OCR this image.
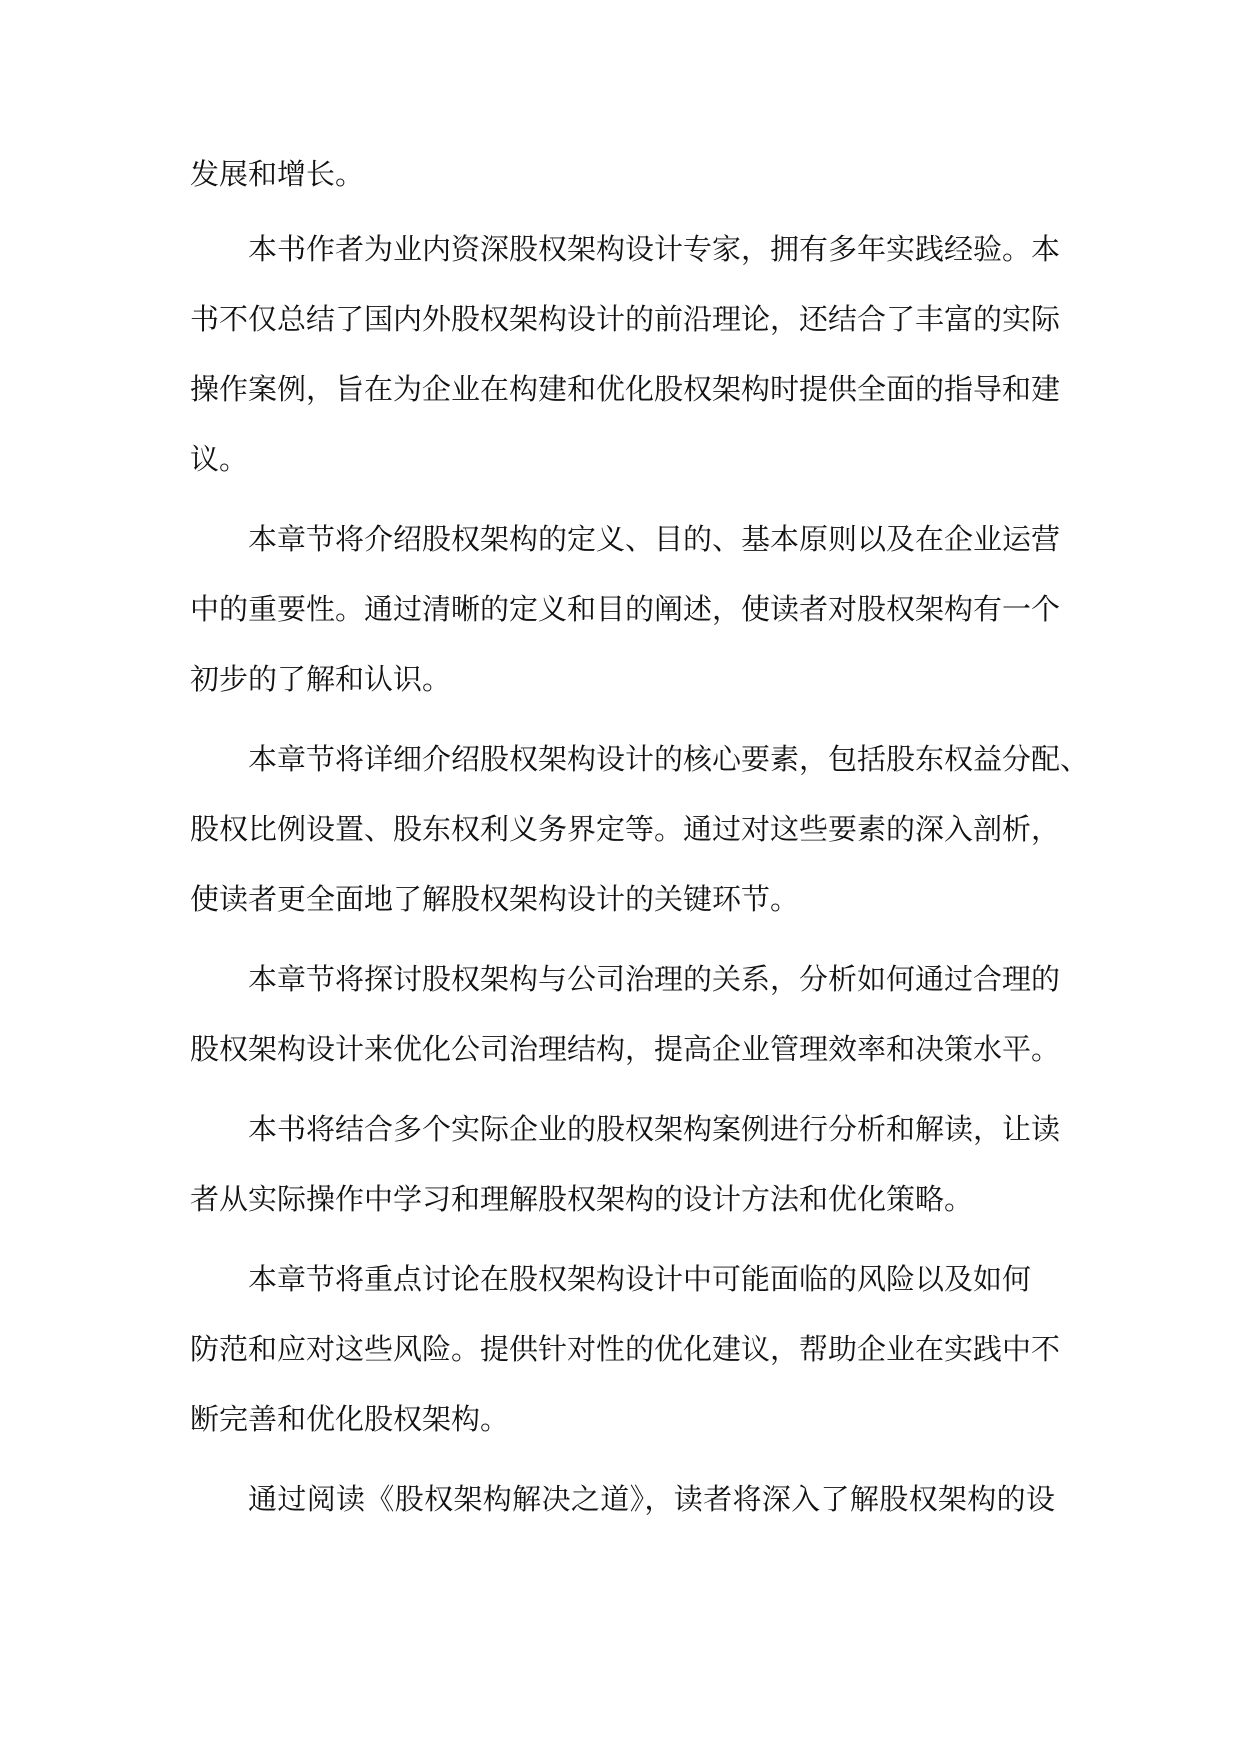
发展和增长。
本书作者为业内资深股权架构设计专家，拥有多年实践经验。本
书不仅总结了国内外股权架构设计的前沿理论，还结合了丰富的实际
操作案例，旨在为企业在构建和优化股权架构时提供全面的指导和建
议。
本章节将介绍股权架构的定义、目的、基本原则以及在企业运营
中的重要性。通过清晰的定义和目的阐述，使读者对股权架构有一个
初步的了解和认识。
本章节将详细介绍股权架构设计的核心要素，包括股东权益分配、
股权比例设置、股东权利义务界定等。通过对这些要素的深入剖析，
使读者更全面地了解股权架构设计的关键环节。
本章节将探讨股权架构与公司治理的关系，分析如何通过合理的
股权架构设计来优化公司治理结构，提高企业管理效率和决策水平。
本书将结合多个实际企业的股权架构案例进行分析和解读，让读
者从实际操作中学习和理解股权架构的设计方法和优化策略。
本章节将重点讨论在股权架构设计中可能面临的风险以及如何
防范和应对这些风险。提供针对性的优化建议，帮助企业在实践中不
断完善和优化股权架构。
通过阅读《股权架构解决之道》，读者将深入了解股权架构的设
